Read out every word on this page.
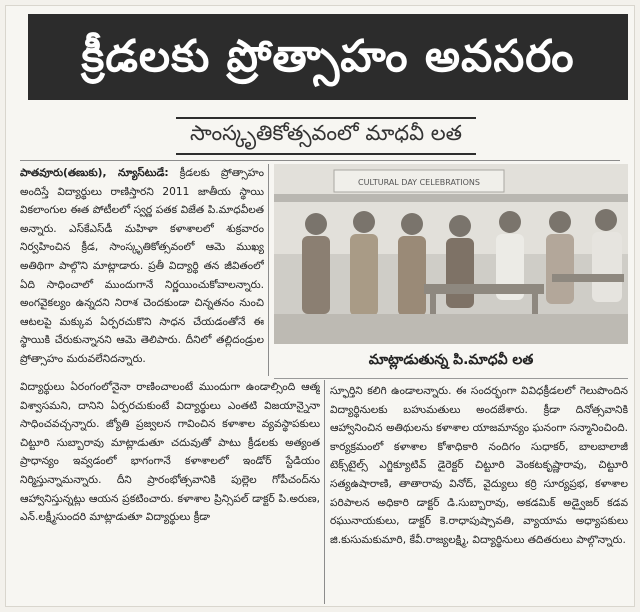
క్రీడలకు ప్రోత్సాహం అవసరం
సాంస్కృతికోత్సవంలో మాధవీ లత

పాతవూరు(తణుకు), న్యూస్‌టుడే: క్రీడలకు ప్రోత్సాహం అందిస్తే విద్యార్థులు రాణిస్తారని 2011 జాతీయ స్థాయి వికలాంగుల ఈత పోటీలలో స్వర్ణ పతక విజేత పి.మాధవీలత అన్నారు. ఎస్‌కేఎస్‌డీ మహిళా కళాశాలలో శుక్రవారం నిర్వహించిన క్రీడ, సాంస్కృతికోత్సవంలో ఆమె ముఖ్య అతిథిగా పాల్గొని మాట్లాడారు. ప్రతీ విద్యార్థి తన జీవితంలో ఏది సాధించాలో ముందుగానే నిర్ణయించుకోవాలన్నారు. అంగవైకల్యం ఉన్నదని నిరాశ చెందకుండా చిన్నతనం నుంచి ఆటలపై మక్కువ ఏర్పరచుకొని సాధన చేయడంతోనే ఈ స్థాయికి చేరుకున్నానని ఆమె తెలిపారు. దీనిలో తల్లిదండ్రుల ప్రోత్సాహం మరువలేనిదన్నారు.

CULTURAL DAY CELEBRATIONS
మాట్లాడుతున్న పి.మాధవీ లత

విద్యార్థులు ఏరంగంలోనైనా రాణించాలంటే ముందుగా ఉండాల్సింది ఆత్మ విశ్వాసమని, దానిని ఏర్పరచుకుంటే విద్యార్థులు ఎంతటి విజయాన్నైనా సాధించవచ్చన్నారు. జ్యోతి ప్రజ్వలన గావించిన కళాశాల వ్యవస్థాపకులు చిట్టూరి సుబ్బారావు మాట్లాడుతూ చదువుతో పాటు క్రీడలకు అత్యంత ప్రాధాన్యం ఇవ్వడంలో భాగంగానే కళాశాలలో ఇండోర్ స్టేడియం నిర్మిస్తున్నామన్నారు. దీని ప్రారంభోత్సవానికి పుల్లెల గోపీచంద్‌ను ఆహ్వానిస్తున్నట్లు ఆయన ప్రకటించారు. కళాశాల ప్రిన్సిపల్ డాక్టర్ పి.అరుణ, ఎన్.లక్ష్మీసుందరి మాట్లాడుతూ విద్యార్థులు క్రీడా

స్ఫూర్తిని కలిగి ఉండాలన్నారు. ఈ సందర్భంగా వివిధక్రీడలలో గెలుపొందిన విద్యార్థినులకు బహుమతులు అందజేశారు. క్రీడా దినోత్సవానికి ఆహ్వానించిన అతిథులను కళాశాల యాజమాన్యం ఘనంగా సన్మానించింది. కార్యక్రమంలో కళాశాల కోశాధికారి నందిగం సుధాకర్, బాలబాలాజీ టెక్స్‌టైల్స్ ఎగ్జిక్యూటివ్ డైరెక్టర్ చిట్టూరి వెంకటకృష్ణారావు, చిట్టూరి సత్యఉషారాణి, తాతారావు వినోద్, వైద్యులు కర్రి సూర్యప్రభ, కళాశాల పరిపాలన అధికారి డాక్టర్ డి.సుబ్బారావు, అకడమిక్ అడ్వైజర్ కడవ రఘునాయకులు, డాక్టర్ కె.రాధాపుష్పావతి, వ్యాయామ అధ్యాపకులు జి.కుసుమకుమారి, కేవీ.రాజ్యలక్ష్మి, విద్యార్థినులు తదితరులు పాల్గొన్నారు.
